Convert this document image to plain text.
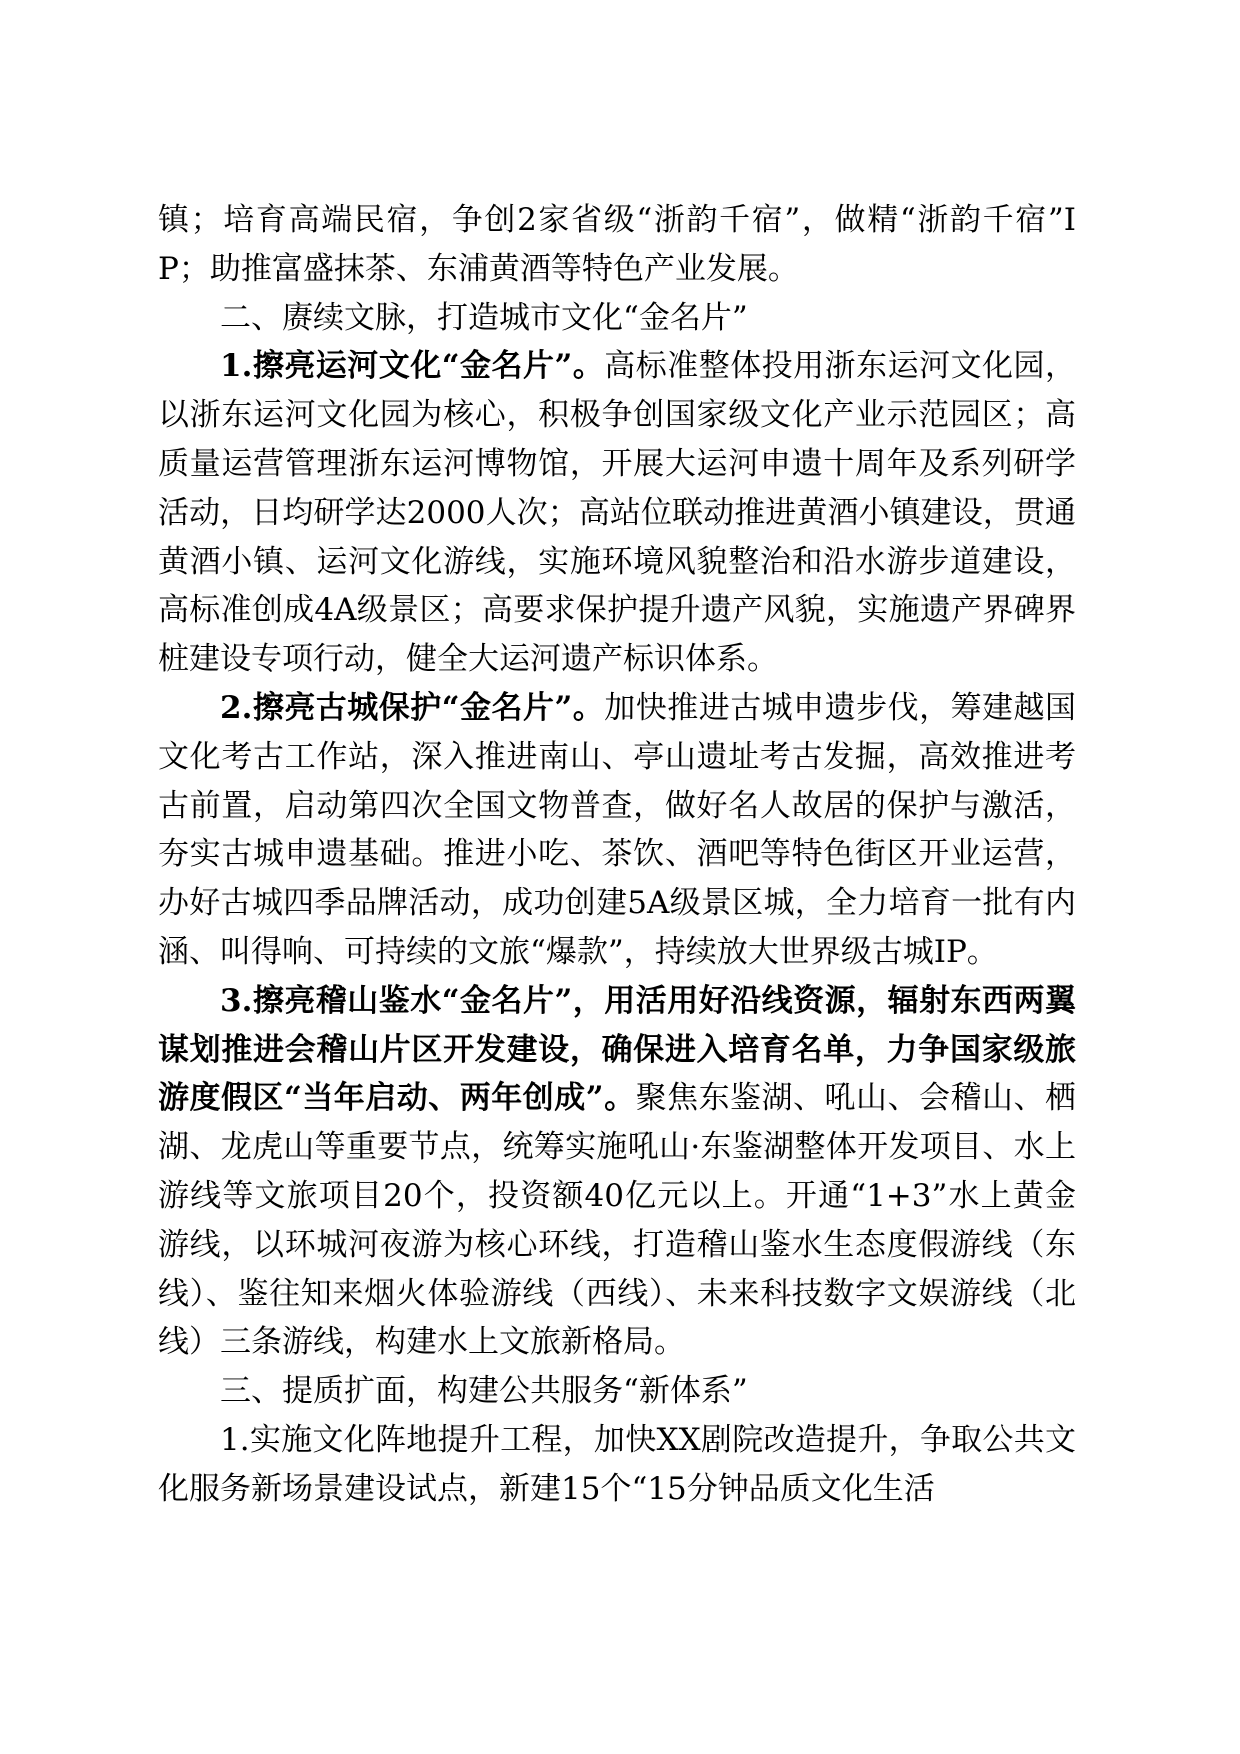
镇；培育高端民宿，争创2家省级“浙韵千宿”，做精“浙韵千宿”IP；助推富盛抹茶、东浦黄酒等特色产业发展。

二、赓续文脉，打造城市文化“金名片”

1.擦亮运河文化“金名片”。高标准整体投用浙东运河文化园，以浙东运河文化园为核心，积极争创国家级文化产业示范园区；高质量运营管理浙东运河博物馆，开展大运河申遗十周年及系列研学活动，日均研学达2000人次；高站位联动推进黄酒小镇建设，贯通黄酒小镇、运河文化游线，实施环境风貌整治和沿水游步道建设，高标准创成4A级景区；高要求保护提升遗产风貌，实施遗产界碑界桩建设专项行动，健全大运河遗产标识体系。

2.擦亮古城保护“金名片”。加快推进古城申遗步伐，筹建越国文化考古工作站，深入推进南山、亭山遗址考古发掘，高效推进考古前置，启动第四次全国文物普查，做好名人故居的保护与激活，夯实古城申遗基础。推进小吃、茶饮、酒吧等特色街区开业运营，办好古城四季品牌活动，成功创建5A级景区城，全力培育一批有内涵、叫得响、可持续的文旅“爆款”，持续放大世界级古城IP。

3.擦亮稽山鉴水“金名片”，用活用好沿线资源，辐射东西两翼谋划推进会稽山片区开发建设，确保进入培育名单，力争国家级旅游度假区“当年启动、两年创成”。聚焦东鉴湖、吼山、会稽山、栖湖、龙虎山等重要节点，统筹实施吼山·东鉴湖整体开发项目、水上游线等文旅项目20个，投资额40亿元以上。开通“1+3”水上黄金游线，以环城河夜游为核心环线，打造稽山鉴水生态度假游线（东线）、鉴往知来烟火体验游线（西线）、未来科技数字文娱游线（北线）三条游线，构建水上文旅新格局。

三、提质扩面，构建公共服务“新体系”

1.实施文化阵地提升工程，加快XX剧院改造提升，争取公共文化服务新场景建设试点，新建15个“15分钟品质文化生活
